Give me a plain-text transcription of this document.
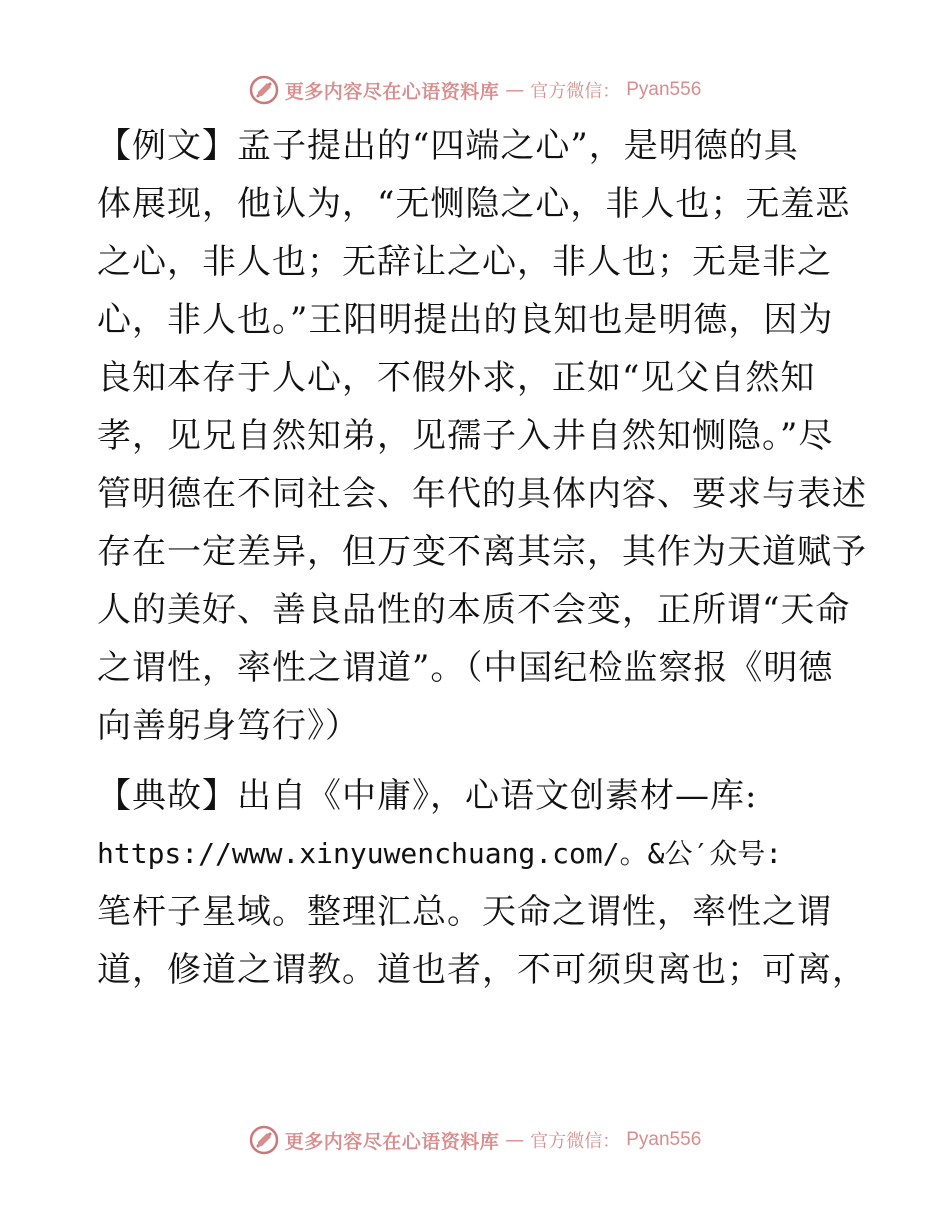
更多内容尽在心语资料库 — 官方微信： Pyan556
【例文】孟子提出的“四端之心”，是明德的具
体展现，他认为，“无恻隐之心，非人也；无羞恶
之心，非人也；无辞让之心，非人也；无是非之
心，非人也。”王阳明提出的良知也是明德，因为
良知本存于人心，不假外求，正如“见父自然知
孝，见兄自然知弟，见孺子入井自然知恻隐。”尽
管明德在不同社会、年代的具体内容、要求与表述
存在一定差异，但万变不离其宗，其作为天道赋予
人的美好、善良品性的本质不会变，正所谓“天命
之谓性，率性之谓道”。（中国纪检监察报《明德
向善躬身笃行》）
【典故】出自《中庸》，心语文创素材—库:
https://www.xinyuwenchuang.com/。&公′众号:
笔杆子星域。整理汇总。天命之谓性，率性之谓
道，修道之谓教。道也者，不可须臾离也；可离，
更多内容尽在心语资料库 — 官方微信： Pyan556
